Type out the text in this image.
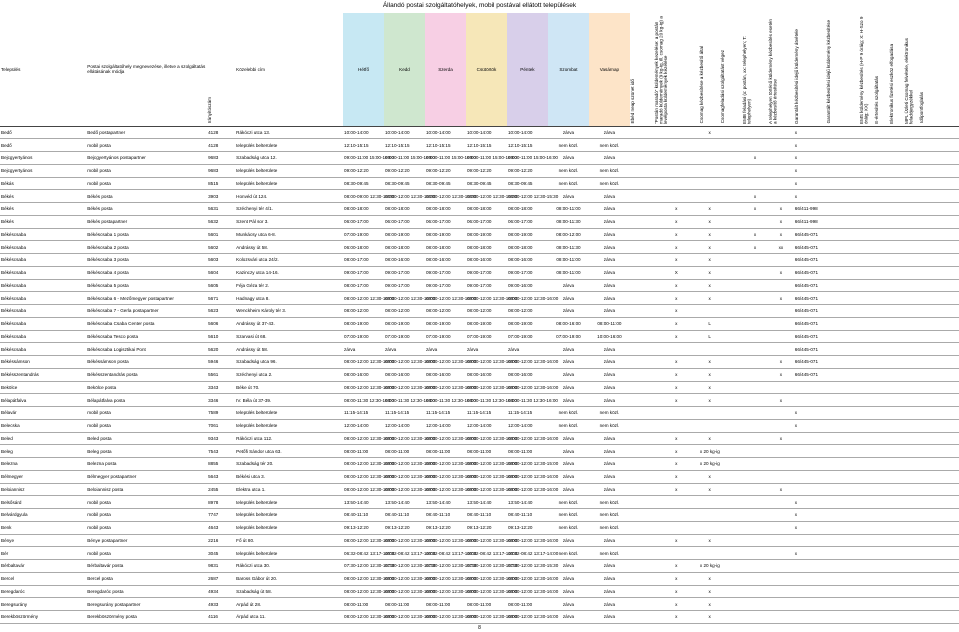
Állandó postai szolgáltatóhelyek, mobil postával ellátott települések
Település	Postai szolgáltatóhely megnevezése, illetve a szolgáltatás ellátásának módja	Irányítószám	Közelebbi cím	Hétfő	Kedd	Szerda	Csütörtök	Péntek	Szombat	Vasárnap	Ebéd neap szünet idő	"Postán maradó" küldemények kezelése: a postán maradó küldemények (9 kg-ig, ill. csomag 20 kg-ig) a levélposta küldemények kezelése	Csomag kézbesítése a kézbesítő által	Csomagfeladási szolgáltatást végez	EMB feladási (x: postán, xx: telephelyen; T: telephelyen)	A telephelyen történő küldemény kézbesítés esetén a kézbesítő értesítése	Garantált kézbesítési idejű küldemény átvétele	Garantált kézbesítési idejű küldemény kézbesítése	EMS küldemény kézbesítés (H-P 9 óráig; X: H-Szo 9 óráig; XX)	E-értesítés szolgáltatás	Elektronikus fizetési eszköz elfogadása	MPL Üzleti Csomag felvétele, elektronikus feladójegyzékkel	Időpontfoglalás

Bedő	Bedő postapartner	4128	Rákóczi utca 13.	10:00-14:00	10:00-14:00	10:00-14:00	10:00-14:00	10:00-14:00	zárva	zárva			x				x						
Bedő	mobil posta	4128	település belterülete	12:10-15:15	12:10-15:15	12:10-15:15	12:10-15:15	12:10-15:15	nem közl.	nem közl.							x						
Bejcgyertyános	Bejcgyertyános postapartner	9683	Szabadság utca 12.	09:00-11:00 15:00-16:00	09:00-11:00 15:00-16:00	09:00-11:00 15:00-16:00	09:00-11:00 15:00-16:00	09:00-11:00 15:00-16:00	zárva	zárva					x		x						
Bejcgyertyános	mobil posta	9683	település belterülete	09:00-12:20	09:00-12:20	09:00-12:20	09:00-12:20	09:00-12:20	nem közl.	nem közl.							x						
Békás	mobil posta	8515	település belterülete	08:30-09:45	08:30-09:45	08:30-09:45	08:30-09:45	08:30-09:45	nem közl.	nem közl.							x						
Békés	Békés posta	3903	Honvéd út 124.	08:00-09:00 12:30-15:30	08:00-12:00 12:30-15:30	08:00-12:00 12:30-15:30	08:00-12:00 12:30-15:30	08:00-12:00 12:30-15:30	zárva	zárva					x		x						
Békés	Békés posta	5631	Széchenyi tér 4/1.	08:00-18:00	08:00-18:00	08:00-18:00	08:00-18:00	08:00-18:00	08:00-11:00	zárva		x	x		x	x	66/411-998						
Békés	Békés postapartner	5632	Szent Pál sor 3.	06:00-17:00	06:00-17:00	06:00-17:00	06:00-17:00	06:00-17:00	08:00-11:30	zárva		x	x			x	66/411-998						
Békéscsaba	Békéscsaba 1 posta	5601	Munkácsy utca 6-8.	07:00-19:00	08:00-19:00	08:00-19:00	08:00-19:00	08:00-19:00	08:00-12:00	zárva		x	x		x	x	66/445-071						
Békéscsaba	Békéscsaba 2 posta	5602	Andrássy út 58.	06:00-18:00	08:00-18:00	08:00-18:00	08:00-18:00	08:00-18:00	08:00-11:30	zárva		x	x		x	xx	66/445-071						
Békéscsaba	Békéscsaba 3 posta	5603	Kolozsvári utca 24/2.	08:00-17:00	08:00-16:00	08:00-16:00	08:00-16:00	08:00-16:00	08:00-11:00	zárva		x	x				66/445-071						
Békéscsaba	Békéscsaba 4 posta	5604	Kazinczy utca 14-16.	09:00-17:00	09:00-17:00	09:00-17:00	09:00-17:00	09:00-17:00	08:00-11:00	zárva		X	x			x	66/445-071						
Békéscsaba	Békéscsaba 5 posta	5605	Féja Géza tér 2.	08:00-17:00	09:00-17:00	09:00-17:00	09:00-17:00	09:00-16:00	zárva	zárva		x	x				66/445-071						
Békéscsaba	Békéscsaba 6 - Mezőmegyer postapartner	5671	Hadnagy utca 8.	08:00-12:00 12:30-16:00	08:00-12:00 12:30-16:00	08:00-12:00 12:30-16:00	08:00-12:00 12:30-16:00	08:00-12:00 12:30-16:00	zárva	zárva		x	x			x	66/445-071						
Békéscsaba	Békéscsaba 7 - Gerla postapartner	5623	Wenckheim Károly tér 3.	08:00-12:00	08:00-12:00	08:00-12:00	08:00-12:00	08:00-12:00	zárva	zárva		x					66/445-071						
Békéscsaba	Békéscsaba Csaba Center posta	5606	Andrássy út 37-43.	08:00-19:00	08:00-19:00	08:00-19:00	08:00-19:00	08:00-19:00	08:00-16:00	08:00-11:00		x	L				66/445-071						
Békéscsaba	Békéscsaba Tesco posta	5610	Szarvasi út 68.	07:00-19:00	07:00-19:00	07:00-19:00	07:00-19:00	07:00-19:00	07:00-19:00	10:00-16:00		x	L				66/445-071						
Békéscsaba	Békéscsaba Logisztikai Pont	5620	Andrássy út 58.	zárva	zárva	zárva	zárva	zárva	zárva	zárva							66/445-071						
Békéssámson	Békéssámson posta	5946	Szabadság utca 96.	08:00-12:00 12:30-16:00	08:00-12:00 12:30-16:00	08:00-12:00 12:30-16:00	08:00-12:00 12:30-16:00	08:00-12:00 12:30-16:00	zárva	zárva		x	x			x	66/445-071						
Békésszentandrás	Békésszentandrás posta	5561	Széchenyi utca 2.	08:00-16:00	08:00-16:00	08:00-16:00	08:00-16:00	08:00-16:00	zárva	zárva		x	x			x	66/445-071						
Bekölce	Bekölce posta	3343	Béke út 70.	08:00-12:00 12:30-16:00	08:00-12:00 12:30-16:00	08:00-12:00 12:30-16:00	08:00-12:00 12:30-16:00	08:00-12:00 12:30-16:00	zárva	zárva		x	x										
Bélapátfalva	Bélapátfalva posta	3346	IV. Béla út 37-39.	08:00-11:30 12:30-16:00	08:00-11:30 12:30-16:00	08:00-11:30 12:30-16:00	08:00-11:30 12:30-16:00	08:00-11:30 12:30-16:00	zárva	zárva		x	x			x							
Bélavár	mobil posta	7589	település belterülete	11:15-14:15	11:15-14:15	11:15-14:15	11:15-14:15	11:15-14:15	nem közl.	nem közl.							x						
Belecska	mobil posta	7061	település belterülete	12:00-14:00	12:00-14:00	12:00-14:00	12:00-14:00	12:00-14:00	nem közl.	nem közl.							x						
Beled	Beled posta	9343	Rákóczi utca 112.	08:00-12:00 12:30-16:00	08:00-12:00 12:30-16:00	08:00-12:00 12:30-16:00	08:00-12:00 12:30-16:00	08:00-12:00 12:30-16:00	zárva	zárva		x	x			x							
Beleg	Beleg posta	7543	Petőfi Sándor utca 63.	08:00-11:00	08:00-11:00	08:00-11:00	08:00-11:00	08:00-11:00	zárva	zárva		x	x 20 kg-ig										
Belezna	Belezna posta	8855	Szabadság tér 20.	08:00-12:00 12:30-15:00	08:00-12:00 12:30-15:00	08:00-12:00 12:30-15:00	08:00-12:00 12:30-15:00	08:00-12:00 12:30-15:00	zárva	zárva		x	x 20 kg-ig										
Bélmegyer	Bélmegyer postapartner	5643	Békési utca 3.	08:00-12:00 12:30-16:00	08:00-12:00 12:30-16:00	08:00-12:00 12:30-16:00	08:00-12:00 12:30-16:00	08:00-12:00 12:30-16:00	zárva	zárva		x	x										
Beloiannisz	Beloiannisz posta	2455	Elektra utca 1.	08:00-12:00 12:30-16:00	08:00-12:00 12:30-16:00	08:00-12:00 12:30-16:00	08:00-12:00 12:30-16:00	08:00-12:00 12:30-16:00	zárva	zárva		x	x			x							
Belsősárd	mobil posta	8978	település belterülete	13:50-14:40	13:50-14:40	13:50-14:40	13:50-14:40	13:50-14:40	nem közl.	nem közl.							x						
Belvárdgyula	mobil posta	7747	település belterülete	08:40-11:10	08:40-11:10	08:40-11:10	08:40-11:10	08:40-11:10	nem közl.	nem közl.							x						
Benk	mobil posta	4643	település belterülete	09:13-12:20	09:13-12:20	09:13-12:20	09:13-12:20	09:13-12:20	nem közl.	nem közl.							x						
Bénye	Bénye postapartner	2216	Fő út 80.	08:00-12:00 12:30-16:00	08:00-12:00 12:30-16:00	08:00-12:00 12:30-16:00	08:00-12:00 12:30-16:00	08:00-12:00 12:30-16:00	zárva	zárva		x	x										
Bér	mobil posta	3045	település belterülete	06:32-08:42 13:17-14:00	06:32-08:42 13:17-14:00	06:32-08:42 13:17-14:00	06:32-08:42 13:17-14:00	06:32-08:42 13:17-14:00	nem közl.	nem közl.							x						
Bérbaltavár	Bérbaltavár posta	9831	Rákóczi utca 30.	07:30-12:00 12:30-15:30	07:30-12:00 12:30-15:30	07:30-12:00 12:30-15:30	07:30-12:00 12:30-15:30	07:30-12:00 12:30-15:30	zárva	zárva		x	x 20 kg-ig										
Bercel	Bercel posta	2687	Baross Gábor út 20.	08:00-12:00 12:30-16:00	08:00-12:00 12:30-16:00	08:00-12:00 12:30-16:00	08:00-12:00 12:30-16:00	08:00-12:00 12:30-16:00	zárva	zárva		x	x										
Beregdaróc	Beregdaróc posta	4934	Szabadság út 58.	08:00-12:00 12:30-16:00	08:00-12:00 12:30-16:00	08:00-12:00 12:30-16:00	08:00-12:00 12:30-16:00	08:00-12:00 12:30-16:00	zárva	zárva		x	x										
Beregsurány	Beregsurány postapartner	4933	Arpád út 28.	08:00-11:00	08:00-11:00	08:00-11:00	08:00-11:00	08:00-11:00	zárva	zárva		x	x										
Berekböszörmény	Berekböszörmény posta	4116	Árpád utca 11.	08:00-12:00 12:30-16:00	08:00-12:00 12:30-16:00	08:00-12:00 12:30-16:00	08:00-12:00 12:30-16:00	08:00-12:00 12:30-16:00	zárva	zárva		x	x										
8
